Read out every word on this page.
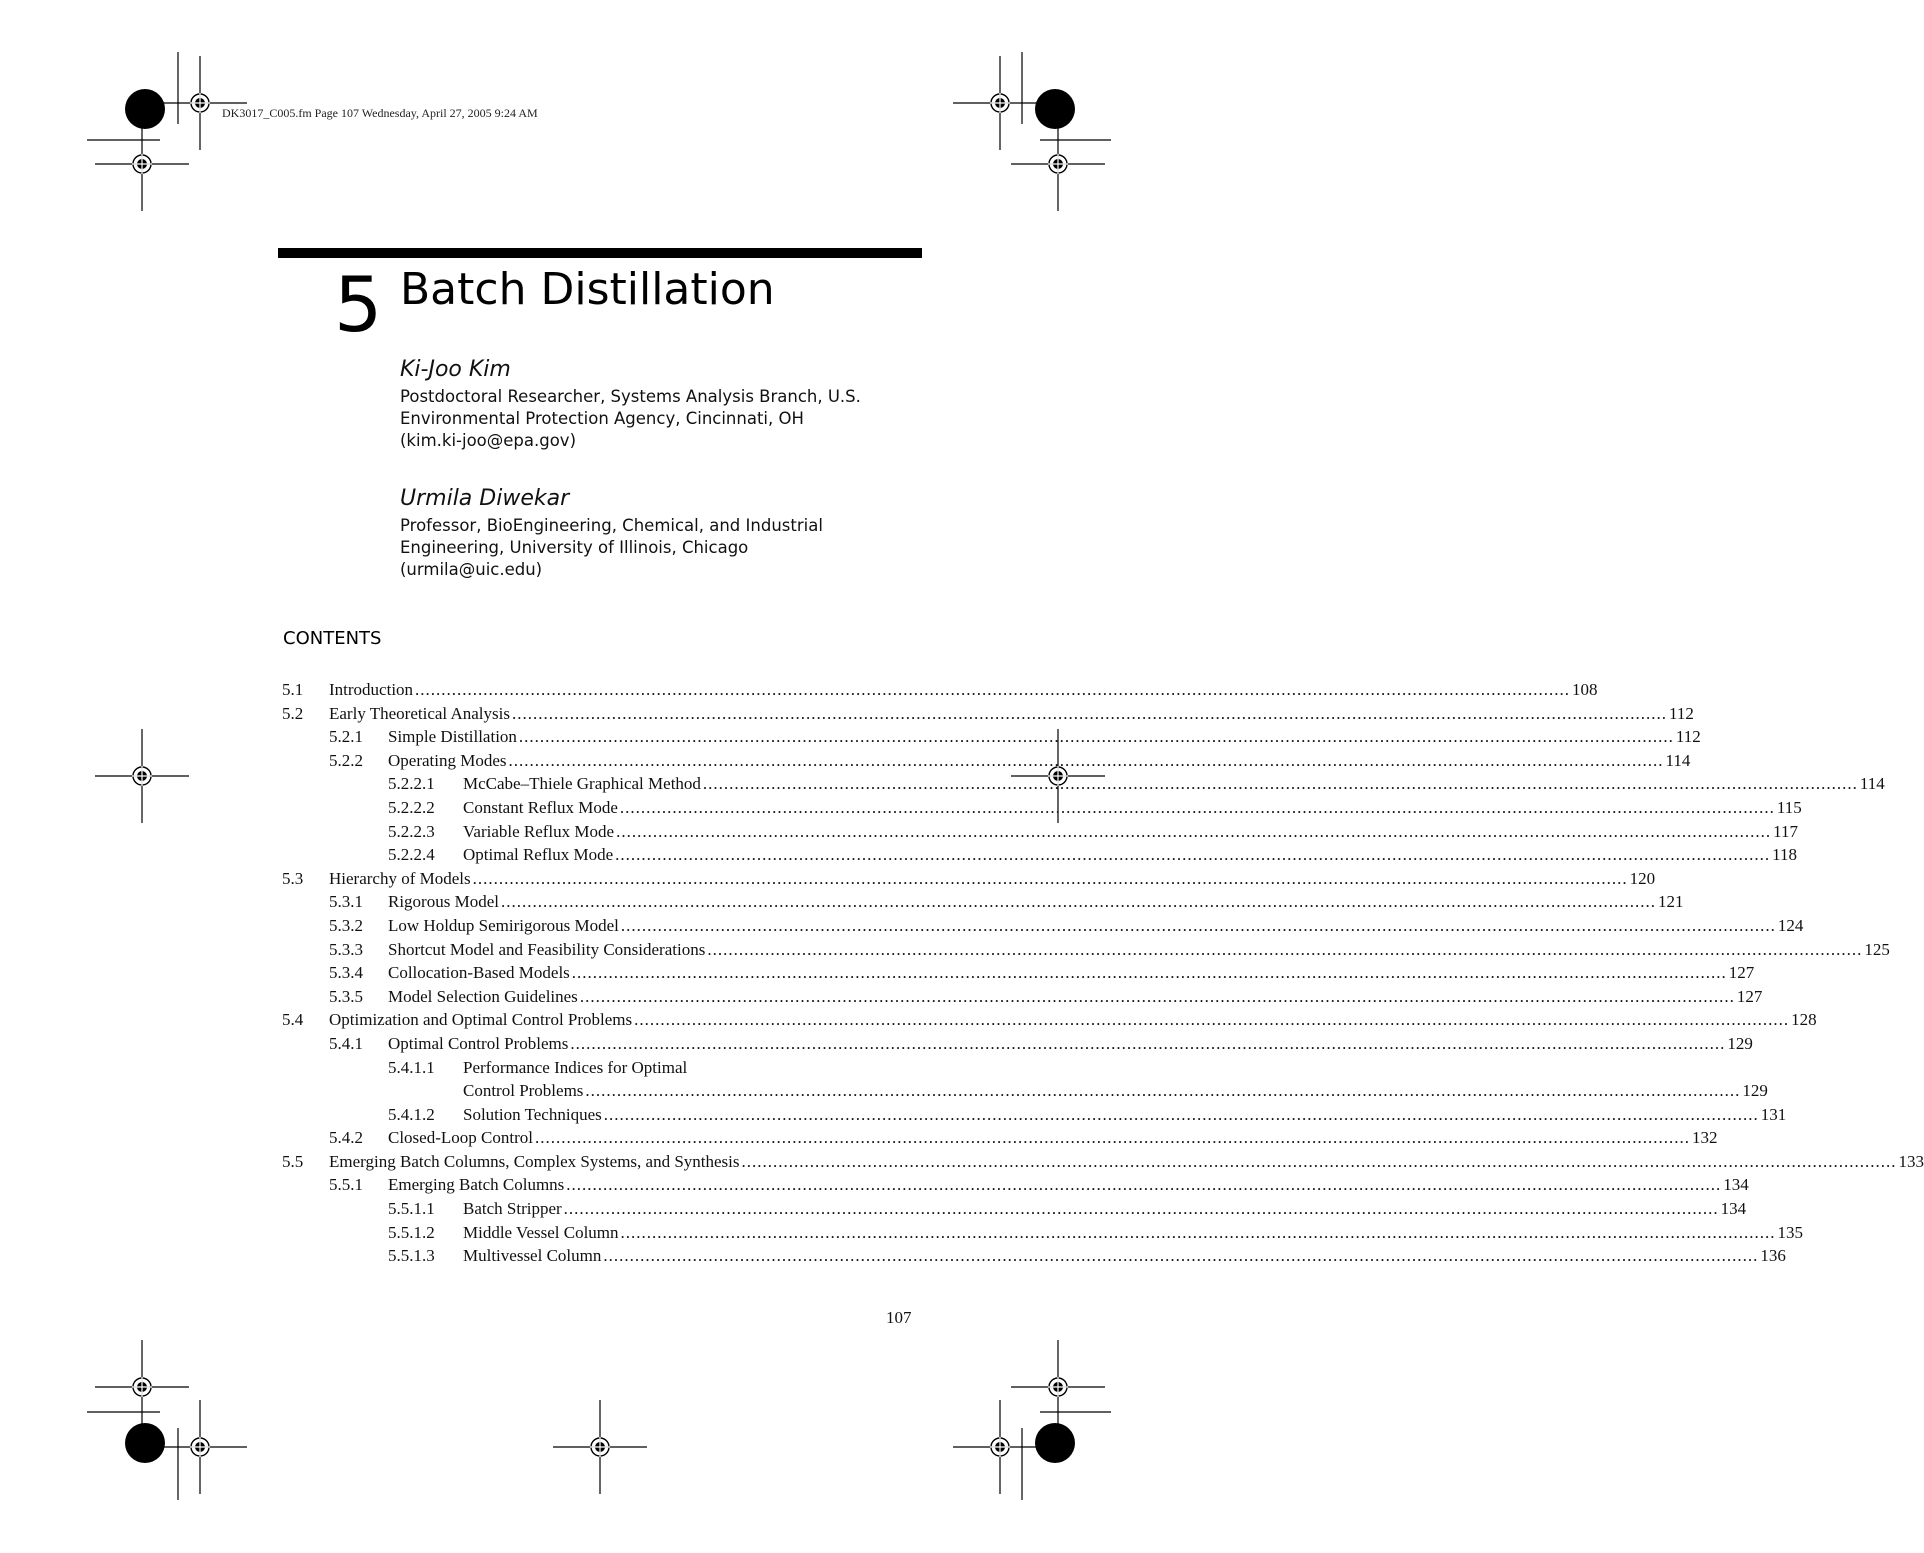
DK3017_C005.fm Page 107 Wednesday, April 27, 2005 9:24 AM
5 Batch Distillation
Ki-Joo Kim
Postdoctoral Researcher, Systems Analysis Branch, U.S.
Environmental Protection Agency, Cincinnati, OH
(kim.ki-joo@epa.gov)
Urmila Diwekar
Professor, BioEngineering, Chemical, and Industrial
Engineering, University of Illinois, Chicago
(urmila@uic.edu)
CONTENTS
5.1 Introduction ............................................................................................................................................................................................................................ 108
5.2 Early Theoretical Analysis ............................................................................................................................................................................................................................ 112
5.2.1 Simple Distillation ............................................................................................................................................................................................................................ 112
5.2.2 Operating Modes ............................................................................................................................................................................................................................ 114
5.2.2.1 McCabe–Thiele Graphical Method ............................................................................................................................................................................................................................ 114
5.2.2.2 Constant Reflux Mode ............................................................................................................................................................................................................................ 115
5.2.2.3 Variable Reflux Mode ............................................................................................................................................................................................................................ 117
5.2.2.4 Optimal Reflux Mode ............................................................................................................................................................................................................................ 118
5.3 Hierarchy of Models ............................................................................................................................................................................................................................ 120
5.3.1 Rigorous Model ............................................................................................................................................................................................................................ 121
5.3.2 Low Holdup Semirigorous Model ............................................................................................................................................................................................................................ 124
5.3.3 Shortcut Model and Feasibility Considerations ............................................................................................................................................................................................................................ 125
5.3.4 Collocation-Based Models ............................................................................................................................................................................................................................ 127
5.3.5 Model Selection Guidelines ............................................................................................................................................................................................................................ 127
5.4 Optimization and Optimal Control Problems ............................................................................................................................................................................................................................ 128
5.4.1 Optimal Control Problems ............................................................................................................................................................................................................................ 129
5.4.1.1 Performance Indices for Optimal
Control Problems ............................................................................................................................................................................................................................ 129
5.4.1.2 Solution Techniques ............................................................................................................................................................................................................................ 131
5.4.2 Closed-Loop Control ............................................................................................................................................................................................................................ 132
5.5 Emerging Batch Columns, Complex Systems, and Synthesis ............................................................................................................................................................................................................................ 133
5.5.1 Emerging Batch Columns ............................................................................................................................................................................................................................ 134
5.5.1.1 Batch Stripper ............................................................................................................................................................................................................................ 134
5.5.1.2 Middle Vessel Column ............................................................................................................................................................................................................................ 135
5.5.1.3 Multivessel Column ............................................................................................................................................................................................................................ 136
107
